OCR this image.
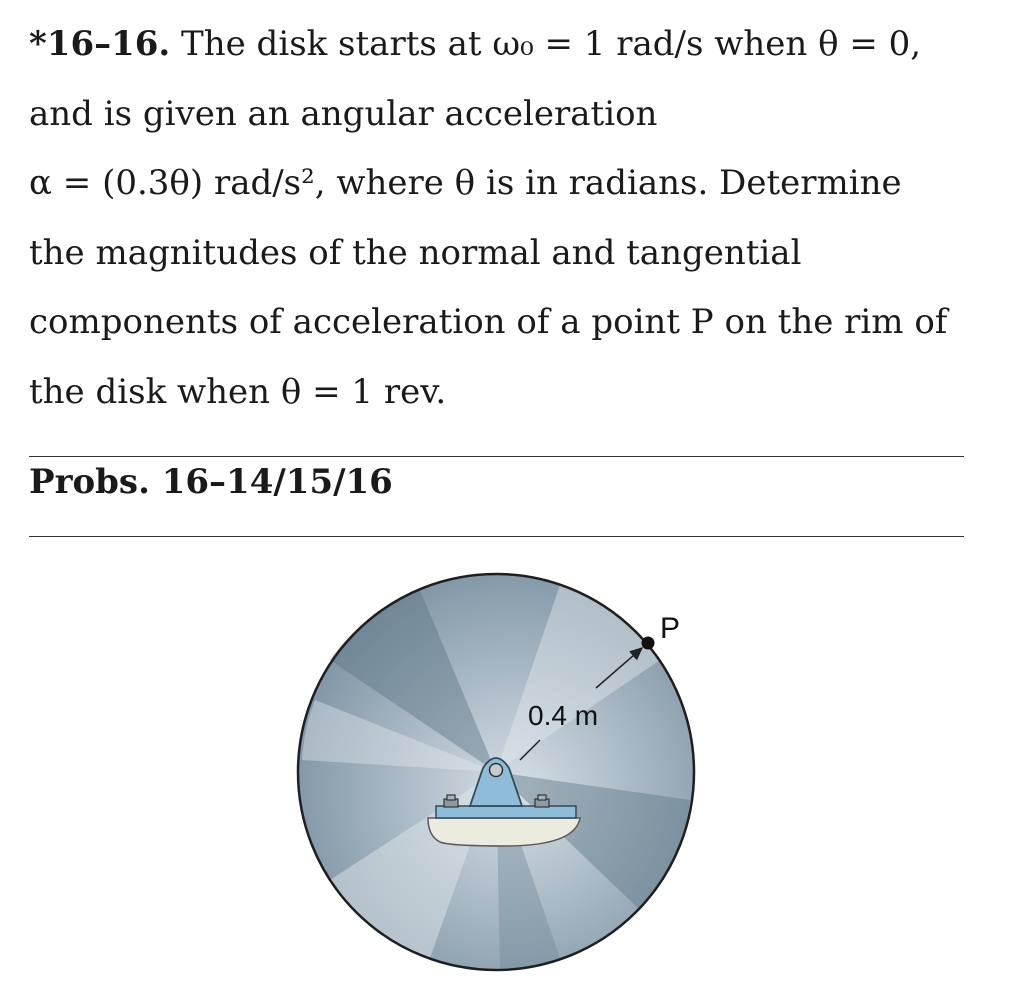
*16–16. The disk starts at ω₀ = 1 rad/s when θ = 0,
and is given an angular acceleration
α = (0.3θ) rad/s², where θ is in radians. Determine
the magnitudes of the normal and tangential
components of acceleration of a point P on the rim of
the disk when θ = 1 rev.
Probs. 16–14/15/16
0.4 m
P
